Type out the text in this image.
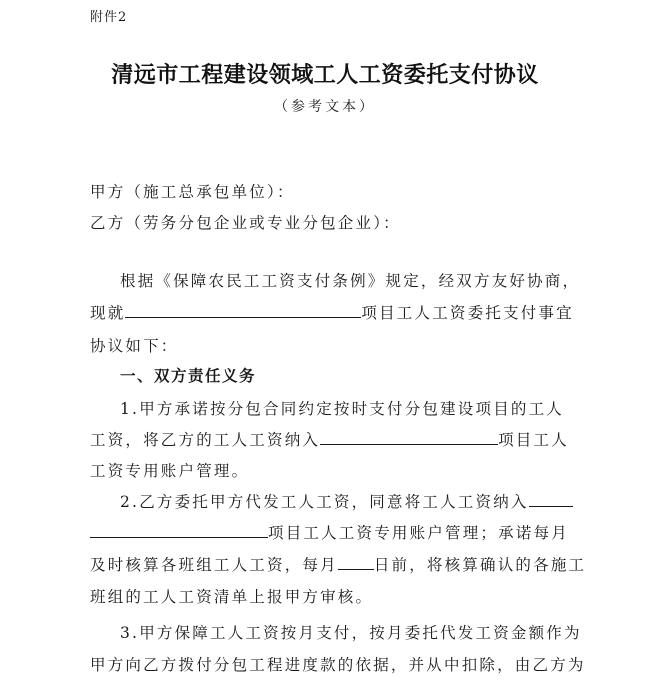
附件2
清远市工程建设领域工人工资委托支付协议
（参考文本）
甲方（施工总承包单位）：
乙方（劳务分包企业或专业分包企业）：
根据《保障农民工工资支付条例》规定，经双方友好协商，
现就	项目工人工资委托支付事宜
协议如下：
一、双方责任义务
1.甲方承诺按分包合同约定按时支付分包建设项目的工人
工资，将乙方的工人工资纳入	项目工人
工资专用账户管理。
2.乙方委托甲方代发工人工资，同意将工人工资纳入
项目工人工资专用账户管理；承诺每月
及时核算各班组工人工资，每月 日前，将核算确认的各施工
班组的工人工资清单上报甲方审核。
3.甲方保障工人工资按月支付，按月委托代发工资金额作为
甲方向乙方拨付分包工程进度款的依据，并从中扣除，由乙方为
